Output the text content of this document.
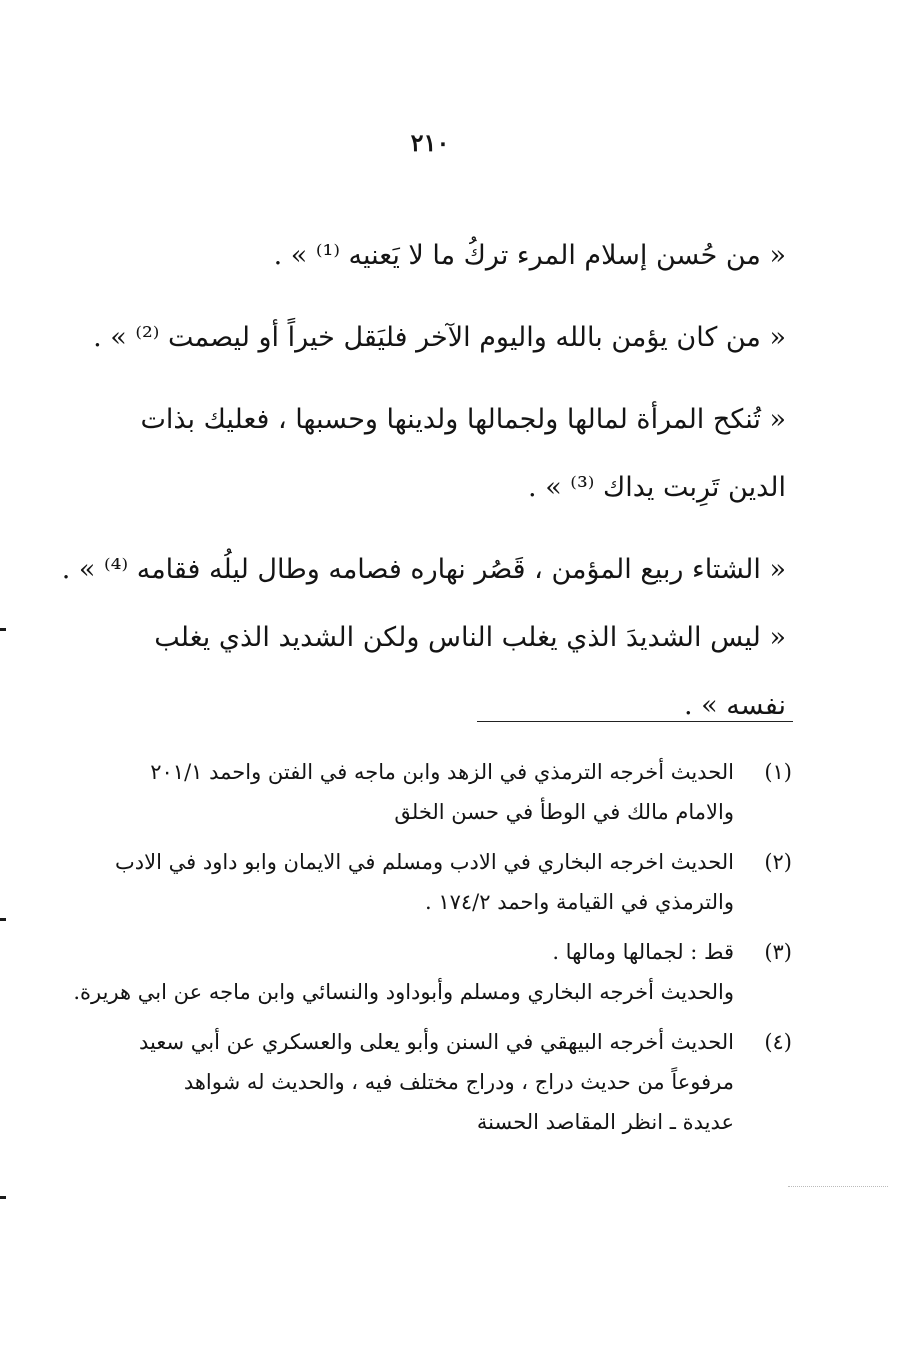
٢١٠
« من حُسن إسلام المرء تركُ ما لا يَعنيه ⁽¹⁾ » .
« من كان يؤمن بالله واليوم الآخر فليَقل خيراً أو ليصمت ⁽²⁾ » .
« تُنكح المرأة لمالها ولجمالها ولدينها وحسبها ، فعليك بذات
الدين تَرِبت يداك ⁽³⁾ » .
« الشتاء ربيع المؤمن ، قَصُر نهاره فصامه وطال ليلُه فقامه ⁽⁴⁾ » .
« ليس الشديدَ الذي يغلب الناس ولكن الشديد الذي يغلب
نفسه » .
(١)
الحديث أخرجه الترمذي في الزهد وابن ماجه في الفتن واحمد ٢٠١/١
والامام مالك في الوطأ في حسن الخلق
(٢)
الحديث اخرجه البخاري في الادب ومسلم في الايمان وابو داود في الادب
والترمذي في القيامة واحمد ١٧٤/٢ .
(٣)
قط : لجمالها ومالها .
والحديث أخرجه البخاري ومسلم وأبوداود والنسائي وابن ماجه عن ابي هريرة.
(٤)
الحديث أخرجه البيهقي في السنن وأبو يعلى والعسكري عن أبي سعيد
مرفوعاً من حديث دراج ، ودراج مختلف فيه ، والحديث له شواهد
عديدة ـ انظر المقاصد الحسنة
